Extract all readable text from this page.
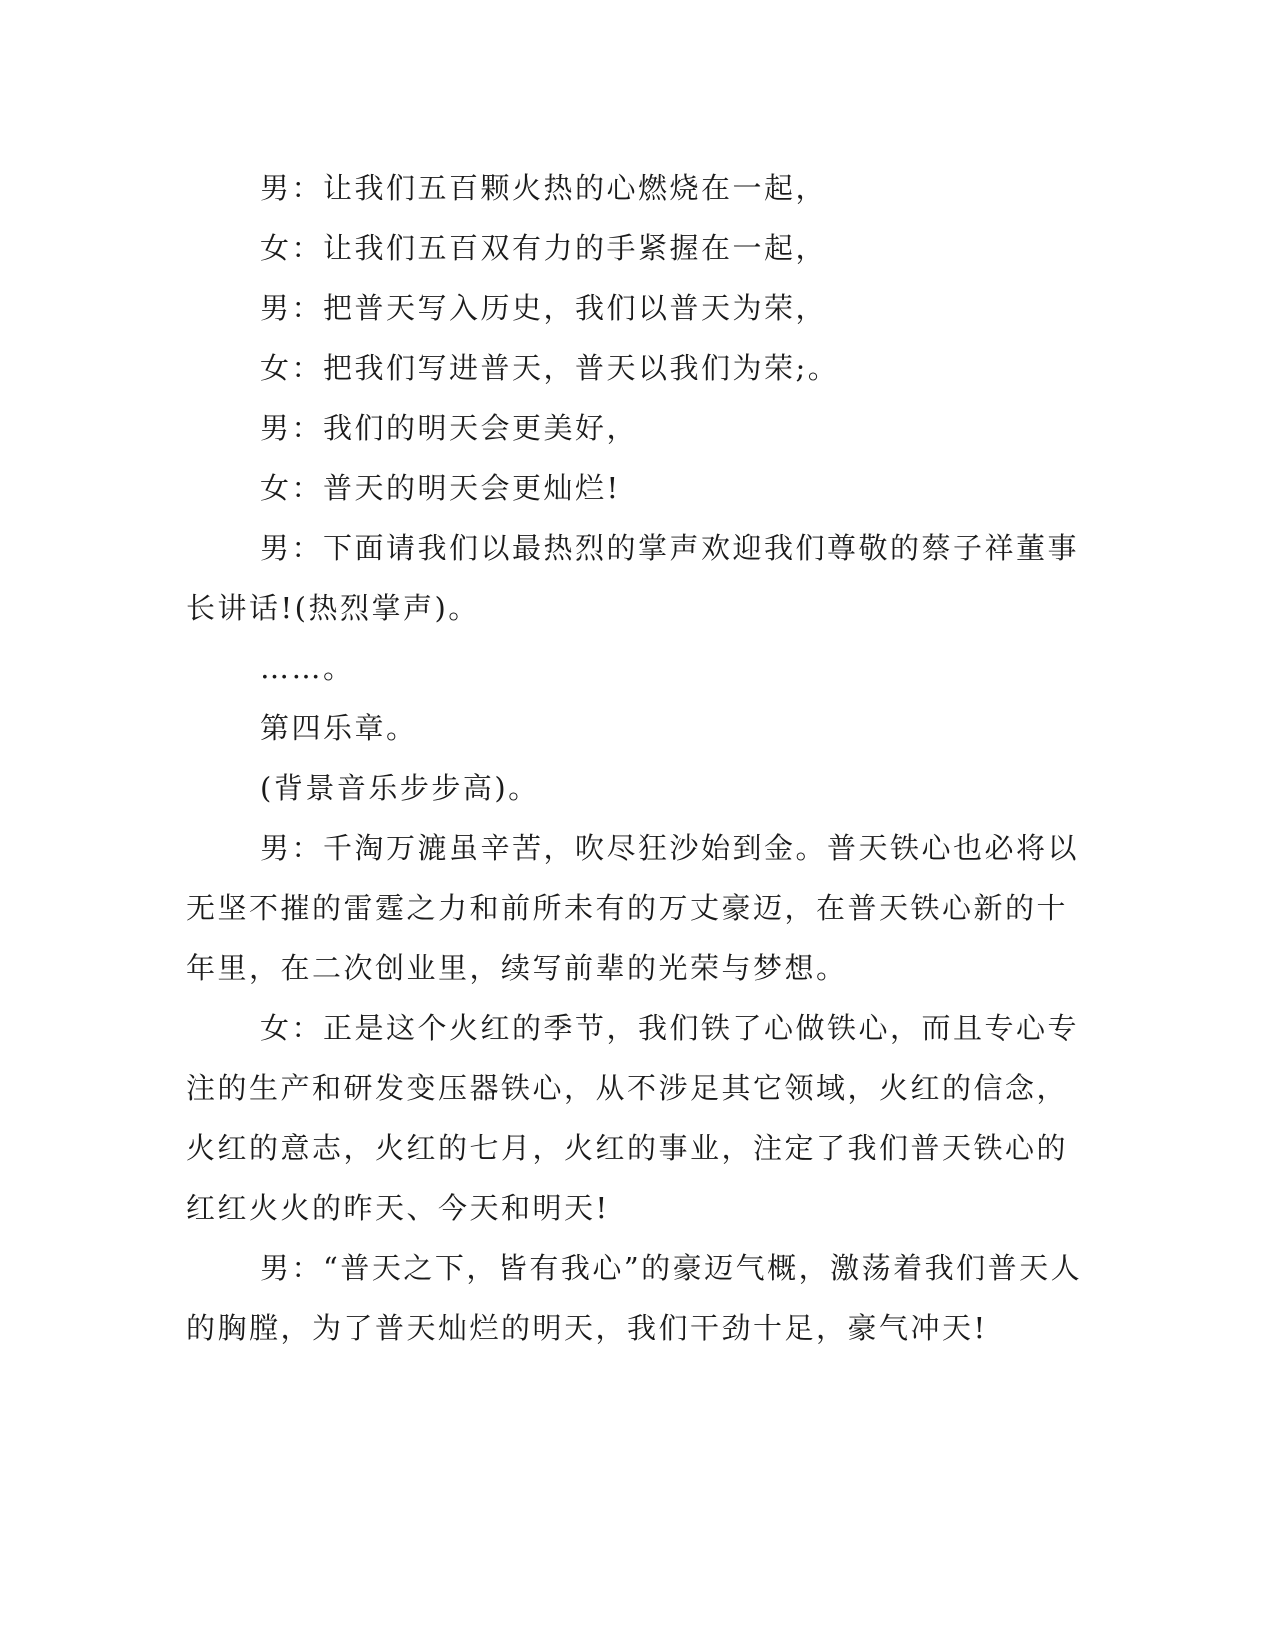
男：让我们五百颗火热的心燃烧在一起，

女：让我们五百双有力的手紧握在一起，

男：把普天写入历史，我们以普天为荣，

女：把我们写进普天，普天以我们为荣;。

男：我们的明天会更美好，

女：普天的明天会更灿烂!

男：下面请我们以最热烈的掌声欢迎我们尊敬的蔡子祥董事长讲话!(热烈掌声)。

……。

第四乐章。

(背景音乐步步高)。

男：千淘万漉虽辛苦，吹尽狂沙始到金。普天铁心也必将以无坚不摧的雷霆之力和前所未有的万丈豪迈，在普天铁心新的十年里，在二次创业里，续写前辈的光荣与梦想。

女：正是这个火红的季节，我们铁了心做铁心，而且专心专注的生产和研发变压器铁心，从不涉足其它领域，火红的信念，火红的意志，火红的七月，火红的事业，注定了我们普天铁心的红红火火的昨天、今天和明天!

男：“普天之下，皆有我心”的豪迈气概，激荡着我们普天人的胸膛，为了普天灿烂的明天，我们干劲十足，豪气冲天!
